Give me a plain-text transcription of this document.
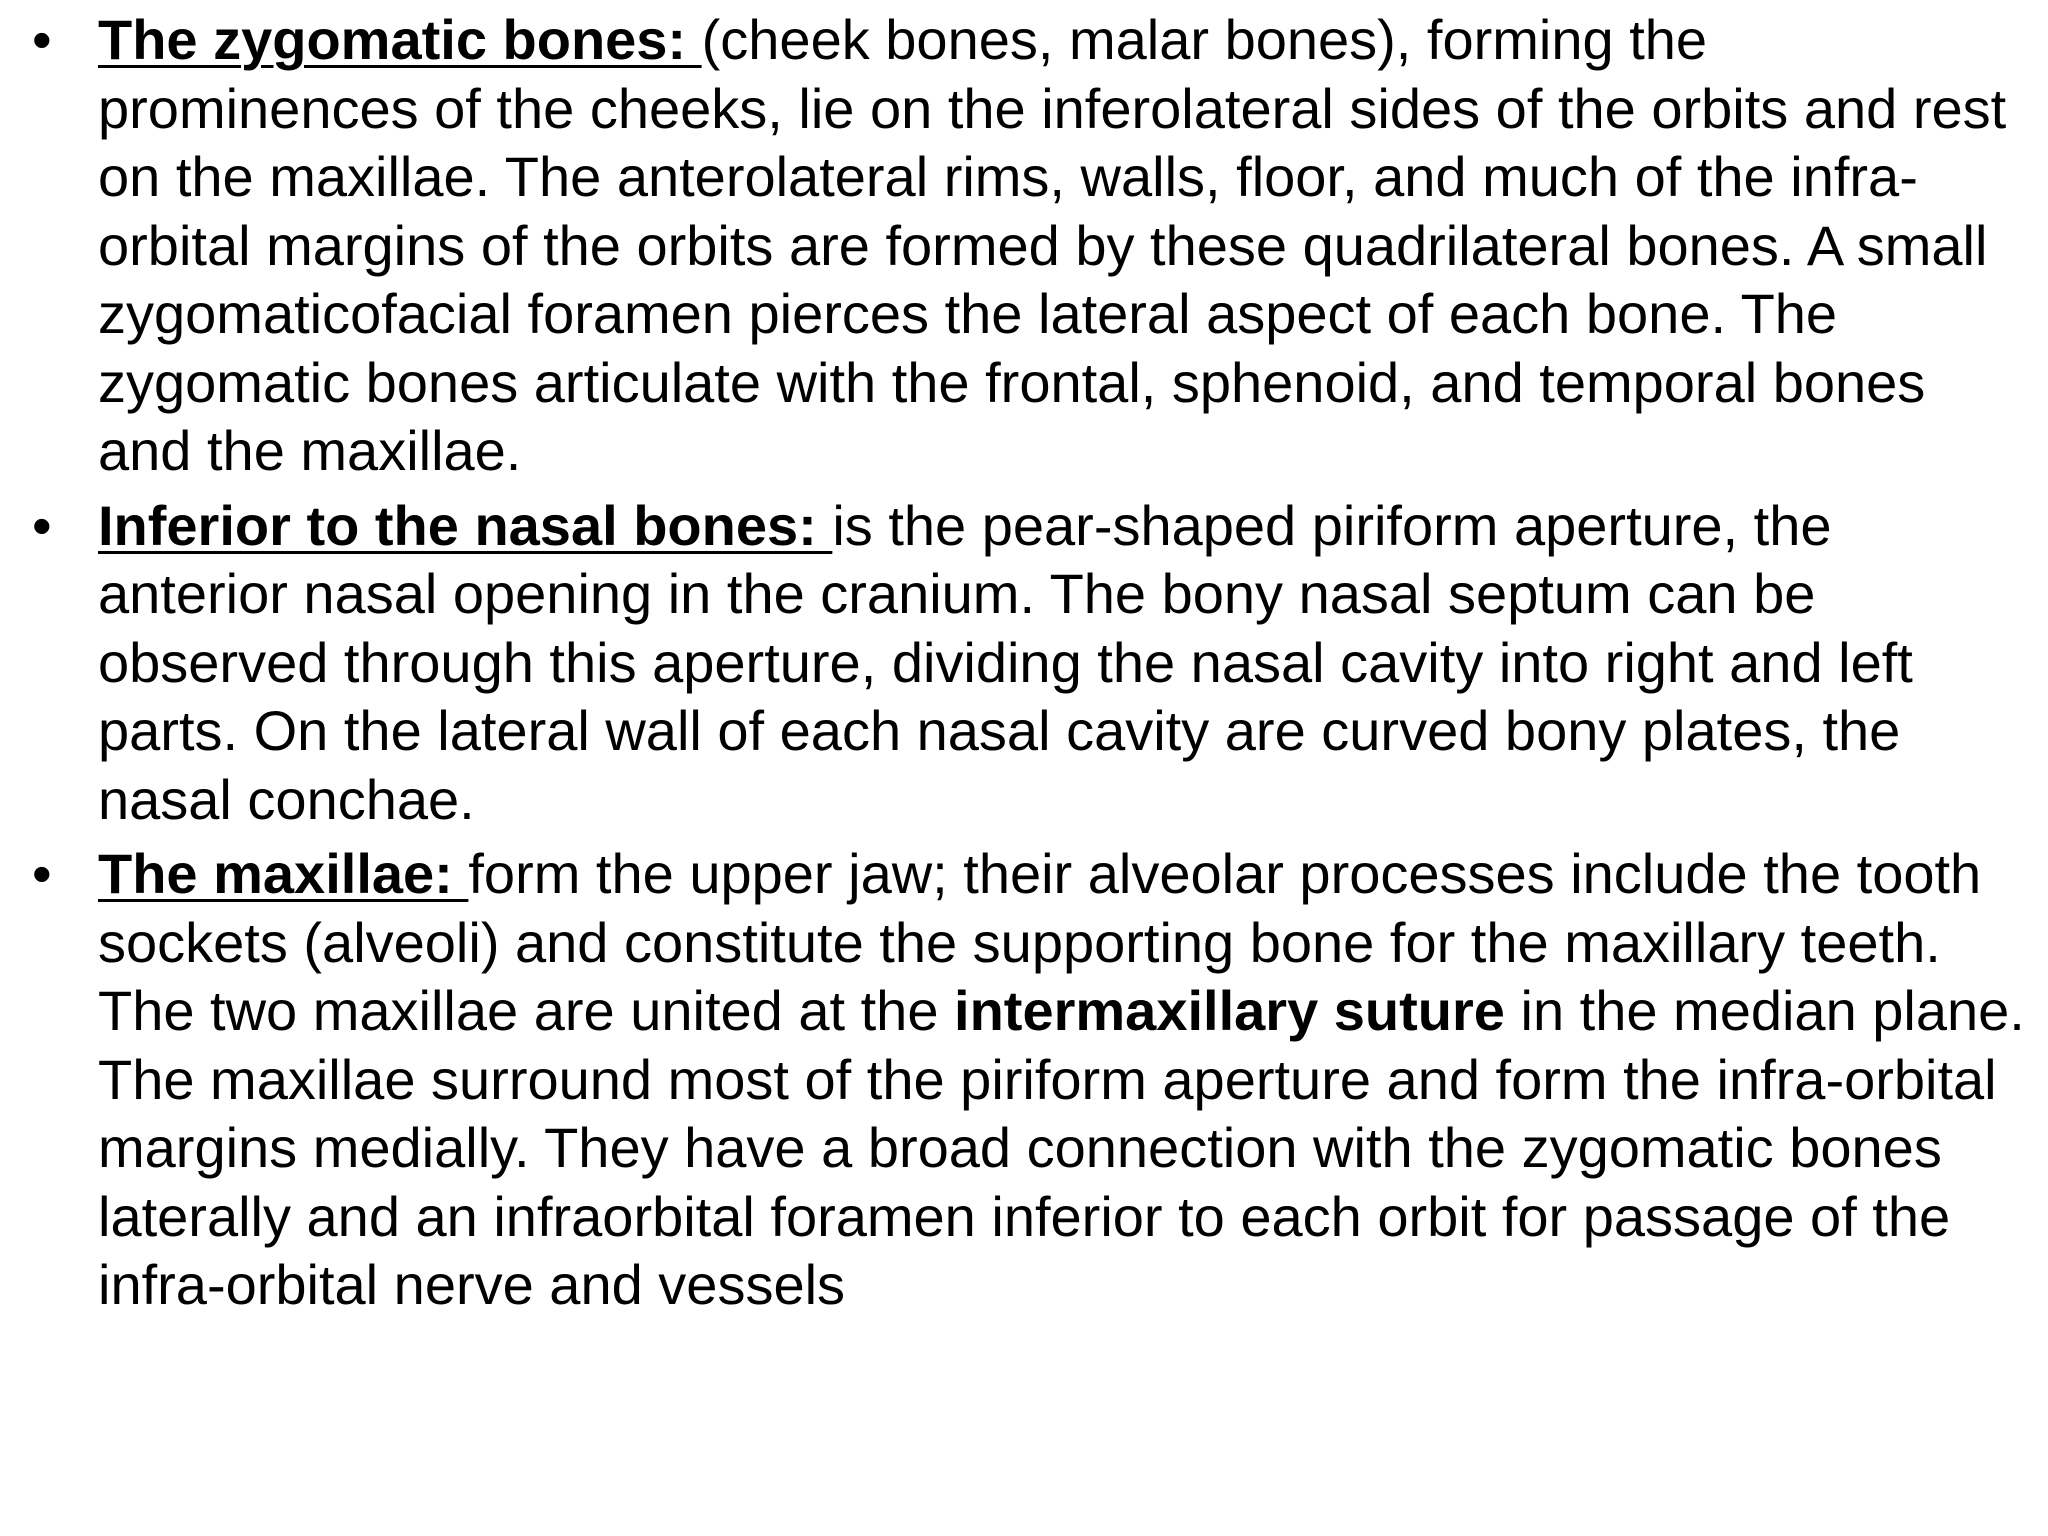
• The zygomatic bones: (cheek bones, malar bones), forming the prominences of the cheeks, lie on the inferolateral sides of the orbits and rest on the maxillae. The anterolateral rims, walls, floor, and much of the infra-orbital margins of the orbits are formed by these quadrilateral bones. A small zygomaticofacial foramen pierces the lateral aspect of each bone. The zygomatic bones articulate with the frontal, sphenoid, and temporal bones and the maxillae.
• Inferior to the nasal bones: is the pear-shaped piriform aperture, the anterior nasal opening in the cranium. The bony nasal septum can be observed through this aperture, dividing the nasal cavity into right and left parts. On the lateral wall of each nasal cavity are curved bony plates, the nasal conchae.
• The maxillae: form the upper jaw; their alveolar processes include the tooth sockets (alveoli) and constitute the supporting bone for the maxillary teeth. The two maxillae are united at the intermaxillary suture in the median plane. The maxillae surround most of the piriform aperture and form the infra-orbital margins medially. They have a broad connection with the zygomatic bones laterally and an infraorbital foramen inferior to each orbit for passage of the infra-orbital nerve and vessels
